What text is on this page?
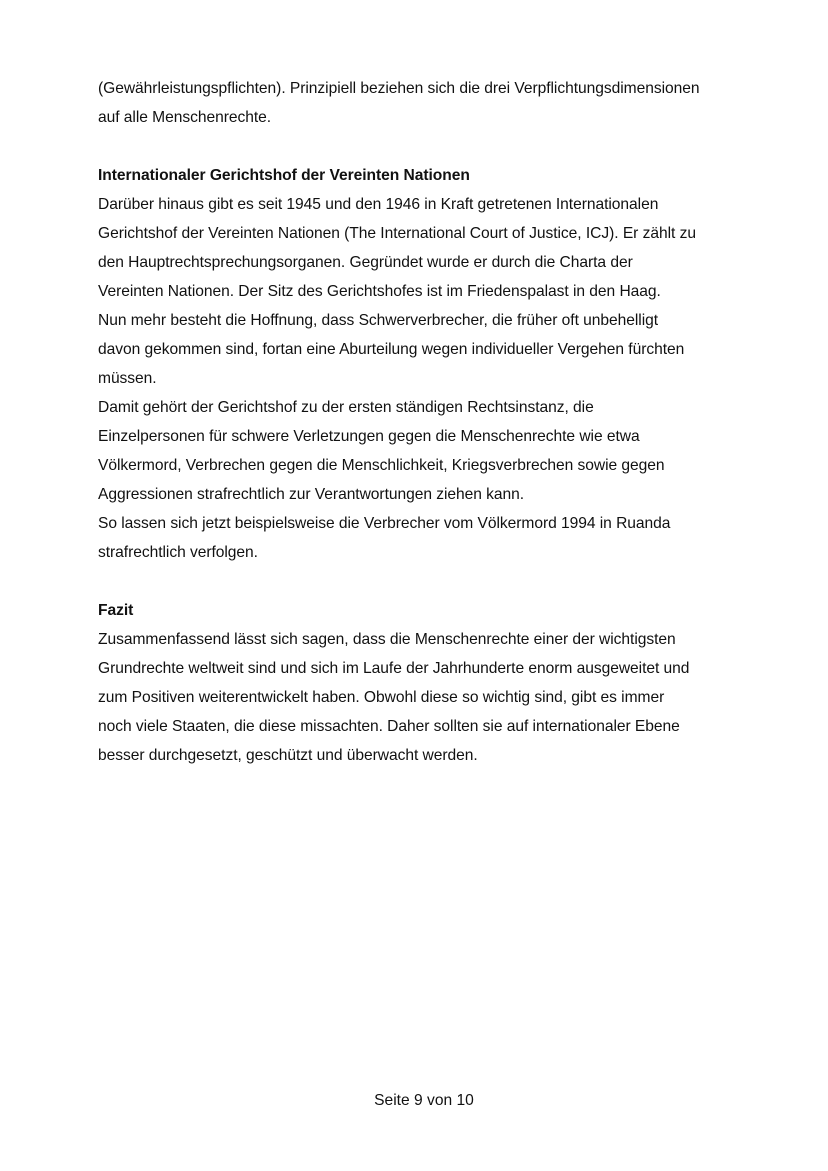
(Gewährleistungspflichten). Prinzipiell beziehen sich die drei Verpflichtungsdimensionen
auf alle Menschenrechte.
Internationaler Gerichtshof der Vereinten Nationen
Darüber hinaus gibt es seit 1945 und den 1946 in Kraft getretenen Internationalen
Gerichtshof der Vereinten Nationen (The International Court of Justice, ICJ). Er zählt zu
den Hauptrechtsprechungsorganen. Gegründet wurde er durch die Charta der
Vereinten Nationen. Der Sitz des Gerichtshofes ist im Friedenspalast in den Haag.
Nun mehr besteht die Hoffnung, dass Schwerverbrecher, die früher oft unbehelligt
davon gekommen sind, fortan eine Aburteilung wegen individueller Vergehen fürchten
müssen.
Damit gehört der Gerichtshof zu der ersten ständigen Rechtsinstanz, die
Einzelpersonen für schwere Verletzungen gegen die Menschenrechte wie etwa
Völkermord, Verbrechen gegen die Menschlichkeit, Kriegsverbrechen sowie gegen
Aggressionen strafrechtlich zur Verantwortungen ziehen kann.
So lassen sich jetzt beispielsweise die Verbrecher vom Völkermord 1994 in Ruanda
strafrechtlich verfolgen.
Fazit
Zusammenfassend lässt sich sagen, dass die Menschenrechte einer der wichtigsten
Grundrechte weltweit sind und sich im Laufe der Jahrhunderte enorm ausgeweitet und
zum Positiven weiterentwickelt haben. Obwohl diese so wichtig sind, gibt es immer
noch viele Staaten, die diese missachten. Daher sollten sie auf internationaler Ebene
besser durchgesetzt, geschützt und überwacht werden.
Seite 9 von 10
